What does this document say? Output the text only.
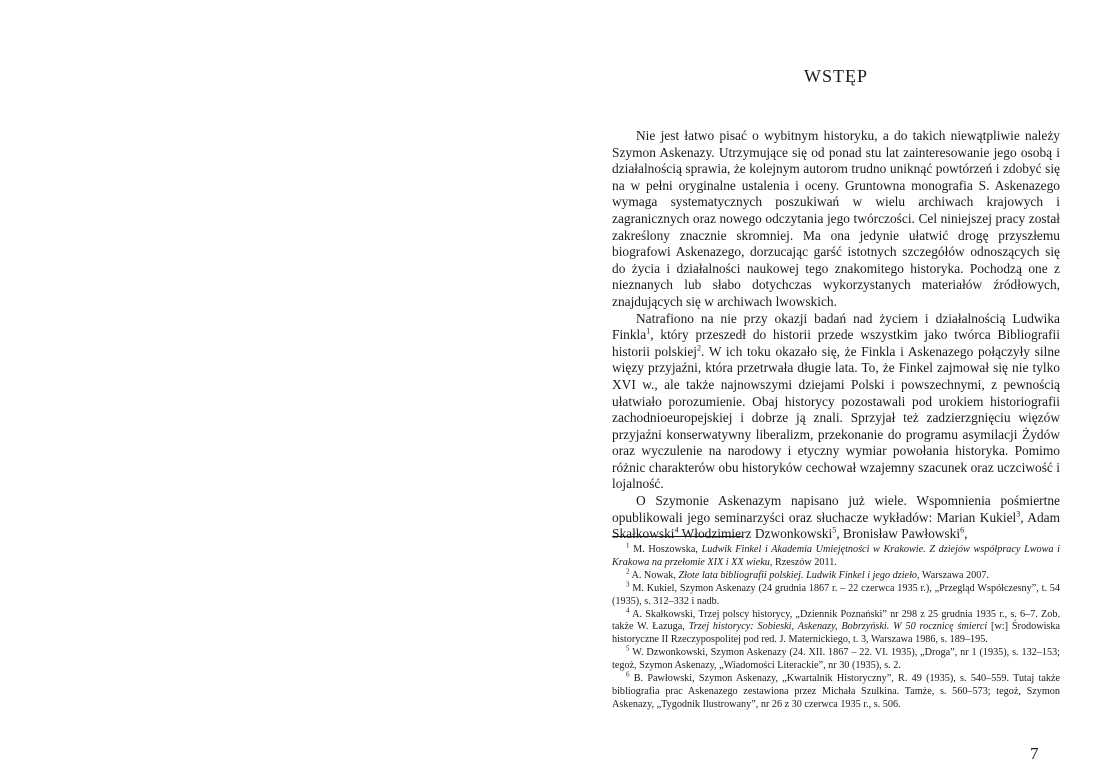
WSTĘP

Nie jest łatwo pisać o wybitnym historyku, a do takich niewątpliwie należy Szymon Askenazy. Utrzymujące się od ponad stu lat zainteresowanie jego osobą i działalnością sprawia, że kolejnym autorom trudno uniknąć powtórzeń i zdobyć się na w pełni oryginalne ustalenia i oceny. Gruntowna monografia S. Askenazego wymaga systematycznych poszukiwań w wielu archiwach krajowych i zagranicznych oraz nowego odczytania jego twórczości. Cel niniejszej pracy został zakreślony znacznie skromniej. Ma ona jedynie ułatwić drogę przyszłemu biografowi Askenazego, dorzucając garść istotnych szczegółów odnoszących się do życia i działalności naukowej tego znakomitego historyka. Pochodzą one z nieznanych lub słabo dotychczas wykorzystanych materiałów źródłowych, znajdujących się w archiwach lwowskich.

Natrafiono na nie przy okazji badań nad życiem i działalnością Ludwika Finkla$^1$, który przeszedł do historii przede wszystkim jako twórca Bibliografii historii polskiej$^2$. W ich toku okazało się, że Finkla i Askenazego połączyły silne więzy przyjaźni, która przetrwała długie lata. To, że Finkel zajmował się nie tylko XVI w., ale także najnowszymi dziejami Polski i powszechnymi, z pewnością ułatwiało porozumienie. Obaj historycy pozostawali pod urokiem historiografii zachodnioeuropejskiej i dobrze ją znali. Sprzyjał też zadzierzgnięciu więzów przyjaźni konserwatywny liberalizm, przekonanie do programu asymilacji Żydów oraz wyczulenie na narodowy i etyczny wymiar powołania historyka. Pomimo różnic charakterów obu historyków cechował wzajemny szacunek oraz uczciwość i lojalność.

O Szymonie Askenazym napisano już wiele. Wspomnienia pośmiertne opublikowali jego seminarzyści oraz słuchacze wykładów: Marian Kukiel$^3$, Adam Skałkowski$^4$ Włodzimierz Dzwonkowski$^5$, Bronisław Pawłowski$^6$,

$^1$ M. Hoszowska, Ludwik Finkel i Akademia Umiejętności w Krakowie. Z dziejów współpracy Lwowa i Krakowa na przełomie XIX i XX wieku, Rzeszów 2011.

$^2$ A. Nowak, Złote lata bibliografii polskiej. Ludwik Finkel i jego dzieło, Warszawa 2007.

$^3$ M. Kukiel, Szymon Askenazy (24 grudnia 1867 r. – 22 czerwca 1935 r.), „Przegląd Współczesny”, t. 54 (1935), s. 312–332 i nadb.

$^4$ A. Skałkowski, Trzej polscy historycy, „Dziennik Poznański” nr 298 z 25 grudnia 1935 r., s. 6–7. Zob. także W. Łazuga, Trzej historycy: Sobieski, Askenazy, Bobrzyński. W 50 rocznicę śmierci [w:] Środowiska historyczne II Rzeczypospolitej pod red. J. Maternickiego, t. 3, Warszawa 1986, s. 189–195.

$^5$ W. Dzwonkowski, Szymon Askenazy (24. XII. 1867 – 22. VI. 1935), „Droga”, nr 1 (1935), s. 132–153; tegoż, Szymon Askenazy, „Wiadomości Literackie”, nr 30 (1935), s. 2.

$^6$ B. Pawłowski, Szymon Askenazy, „Kwartalnik Historyczny”, R. 49 (1935), s. 540–559. Tutaj także bibliografia prac Askenazego zestawiona przez Michała Szulkina. Tamże, s. 560–573; tegoż, Szymon Askenazy, „Tygodnik Ilustrowany”, nr 26 z 30 czerwca 1935 r., s. 506.

7
